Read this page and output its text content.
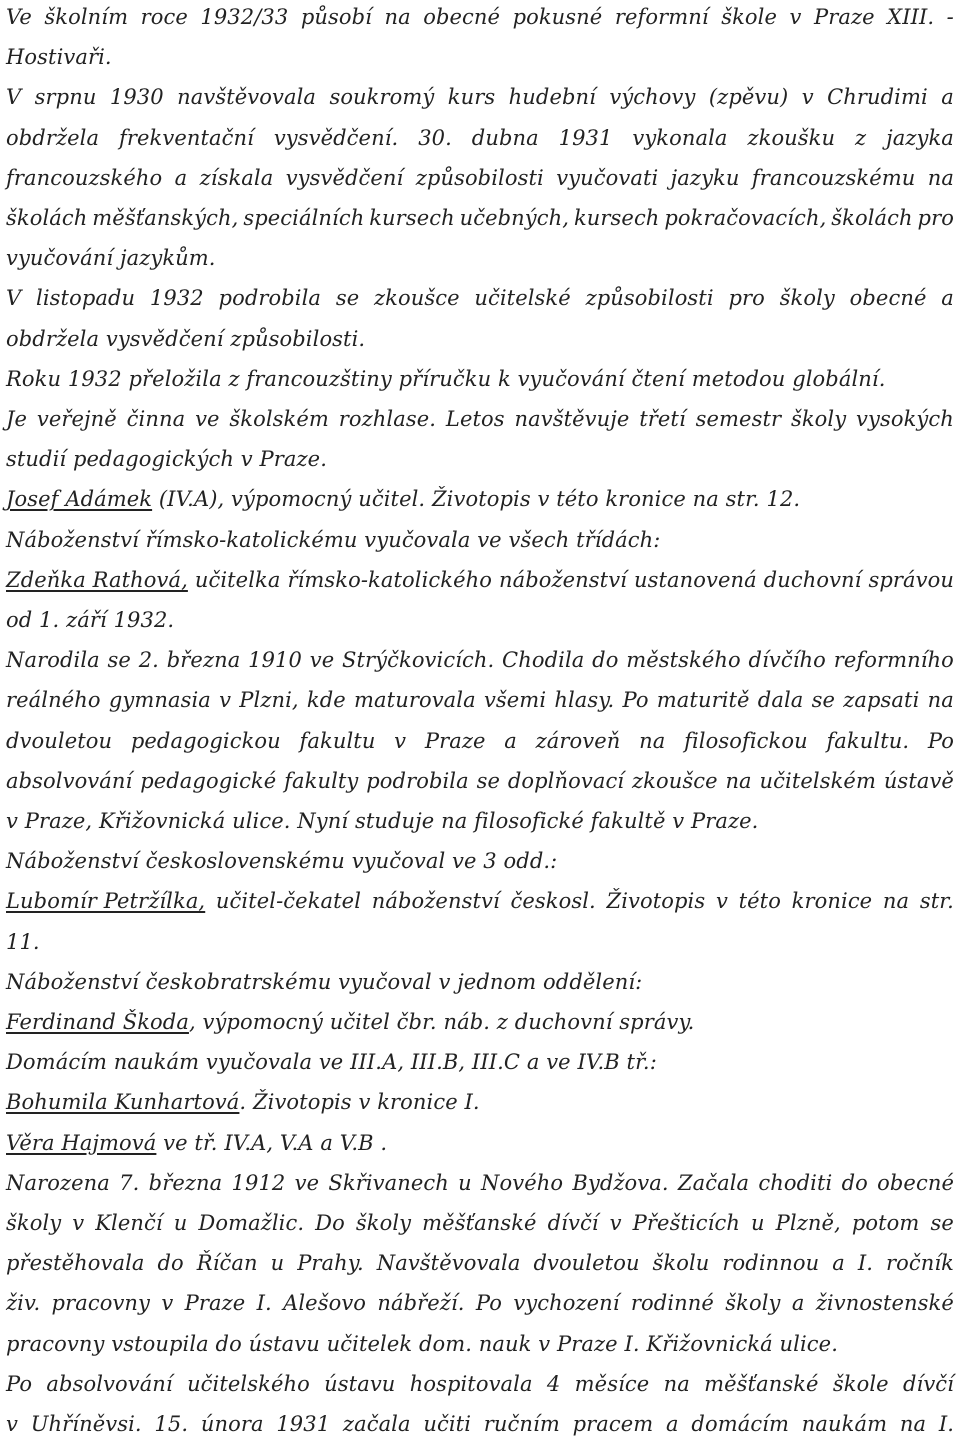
Ve školním roce 1932/33 působí na obecné pokusné reformní škole v Praze XIII. -
Hostivaři.
V srpnu 1930 navštěvovala soukromý kurs hudební výchovy (zpěvu) v Chrudimi a
obdržela frekventační vysvědčení. 30. dubna 1931 vykonala zkoušku z jazyka
francouzského a získala vysvědčení způsobilosti vyučovati jazyku francouzskému na
školách měšťanských, speciálních kursech učebných, kursech pokračovacích, školách pro
vyučování jazykům.
V listopadu 1932 podrobila se zkoušce učitelské způsobilosti pro školy obecné a
obdržela vysvědčení způsobilosti.
Roku 1932 přeložila z francouzštiny příručku k vyučování čtení metodou globální.
Je veřejně činna ve školském rozhlase. Letos navštěvuje třetí semestr školy vysokých
studií pedagogických v Praze.
Josef Adámek (IV.A), výpomocný učitel. Životopis v této kronice na str. 12.
Náboženství římsko-katolickému vyučovala ve všech třídách:
Zdeňka Rathová, učitelka římsko-katolického náboženství ustanovená duchovní správou
od 1. září 1932.
Narodila se 2. března 1910 ve Strýčkovicích. Chodila do městského dívčího reformního
reálného gymnasia v Plzni, kde maturovala všemi hlasy. Po maturitě dala se zapsati na
dvouletou pedagogickou fakultu v Praze a zároveň na filosofickou fakultu. Po
absolvování pedagogické fakulty podrobila se doplňovací zkoušce na učitelském ústavě
v Praze, Křižovnická ulice. Nyní studuje na filosofické fakultě v Praze.
Náboženství československému vyučoval ve 3 odd.:
Lubomír Petržílka, učitel-čekatel náboženství českosl. Životopis v této kronice na str.
11.
Náboženství českobratrskému vyučoval v jednom oddělení:
Ferdinand Škoda, výpomocný učitel čbr. náb. z duchovní správy.
Domácím naukám vyučovala ve III.A, III.B, III.C a ve IV.B tř.:
Bohumila Kunhartová. Životopis v kronice I.
Věra Hajmová ve tř. IV.A, V.A a V.B .
Narozena 7. března 1912 ve Skřivanech u Nového Bydžova. Začala choditi do obecné
školy v Klenčí u Domažlic. Do školy měšťanské dívčí v Přešticích u Plzně, potom se
přestěhovala do Říčan u Prahy. Navštěvovala dvouletou školu rodinnou a I. ročník
živ. pracovny v Praze I. Alešovo nábřeží. Po vychození rodinné školy a živnostenské
pracovny vstoupila do ústavu učitelek dom. nauk v Praze I. Křižovnická ulice.
Po absolvování učitelského ústavu hospitovala 4 měsíce na měšťanské škole dívčí
v Uhříněvsi. 15. února 1931 začala učiti ručním pracem a domácím naukám na I.
